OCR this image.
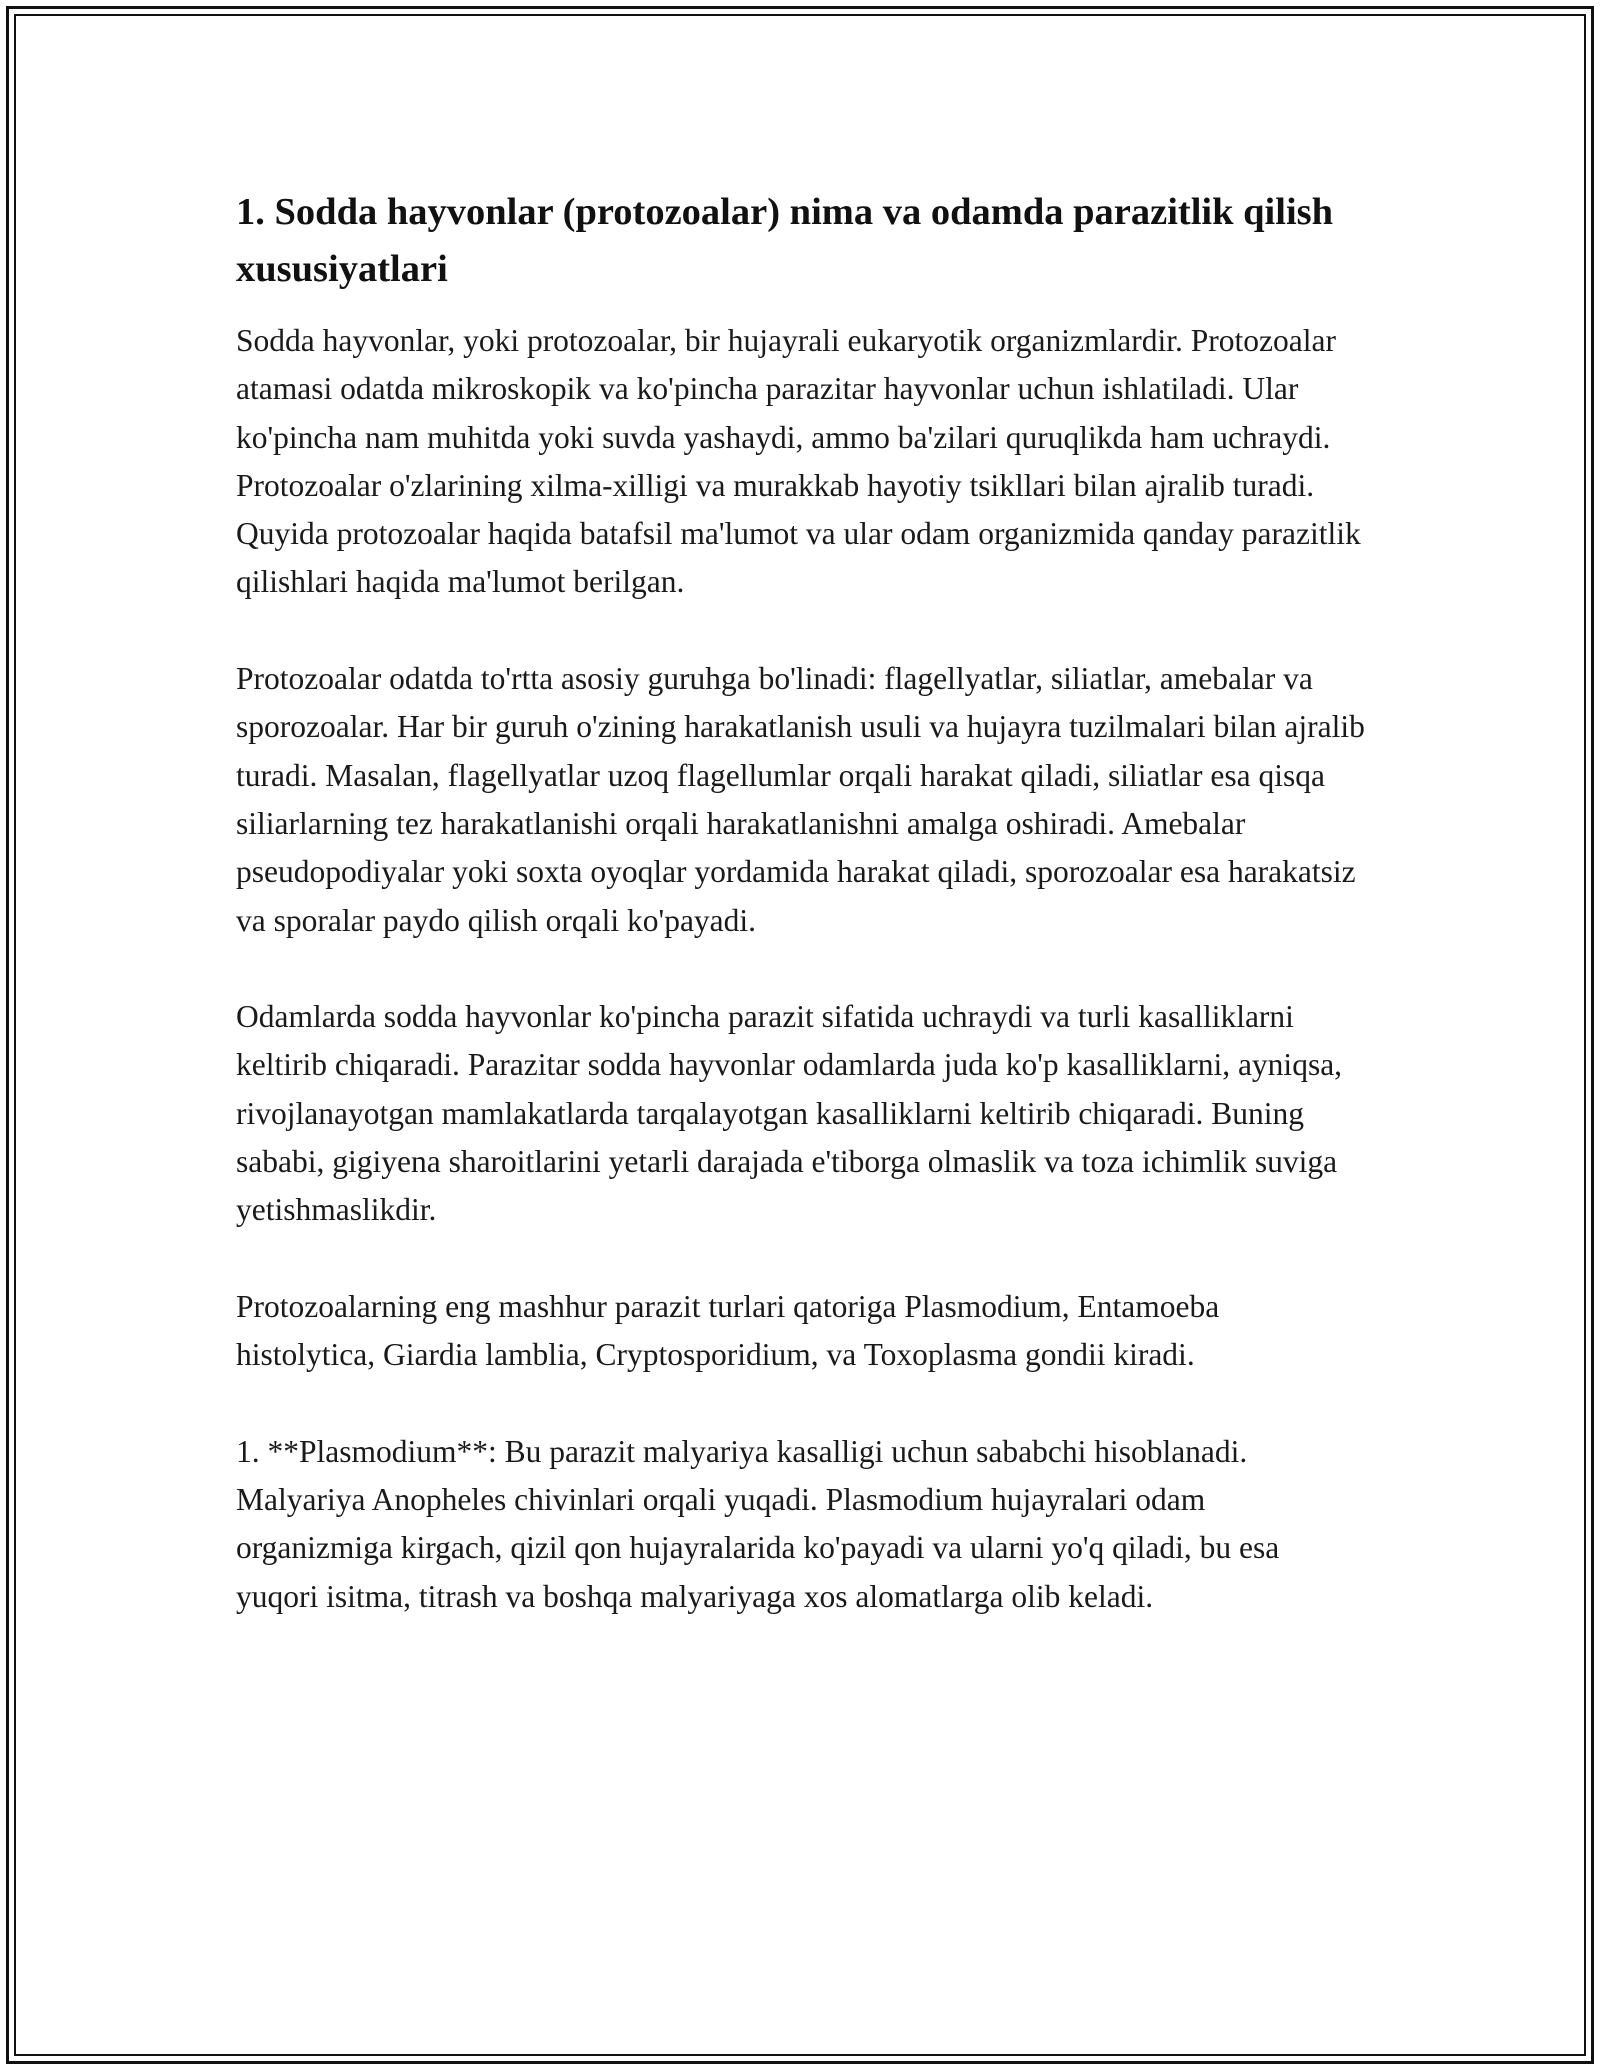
1. Sodda hayvonlar (protozoalar) nima va odamda parazitlik qilish xususiyatlari

Sodda hayvonlar, yoki protozoalar, bir hujayrali eukaryotik organizmlardir. Protozoalar atamasi odatda mikroskopik va ko'pincha parazitar hayvonlar uchun ishlatiladi. Ular ko'pincha nam muhitda yoki suvda yashaydi, ammo ba'zilari quruqlikda ham uchraydi. Protozoalar o'zlarining xilma-xilligi va murakkab hayotiy tsikllari bilan ajralib turadi. Quyida protozoalar haqida batafsil ma'lumot va ular odam organizmida qanday parazitlik qilishlari haqida ma'lumot berilgan.

Protozoalar odatda to'rtta asosiy guruhga bo'linadi: flagellyatlar, siliatlar, amebalar va sporozoalar. Har bir guruh o'zining harakatlanish usuli va hujayra tuzilmalari bilan ajralib turadi. Masalan, flagellyatlar uzoq flagellumlar orqali harakat qiladi, siliatlar esa qisqa siliarlarning tez harakatlanishi orqali harakatlanishni amalga oshiradi. Amebalar pseudopodiyalar yoki soxta oyoqlar yordamida harakat qiladi, sporozoalar esa harakatsiz va sporalar paydo qilish orqali ko'payadi.

Odamlarda sodda hayvonlar ko'pincha parazit sifatida uchraydi va turli kasalliklarni keltirib chiqaradi. Parazitar sodda hayvonlar odamlarda juda ko'p kasalliklarni, ayniqsa, rivojlanayotgan mamlakatlarda tarqalayotgan kasalliklarni keltirib chiqaradi. Buning sababi, gigiyena sharoitlarini yetarli darajada e'tiborga olmaslik va toza ichimlik suviga yetishmaslikdir.

Protozoalarning eng mashhur parazit turlari qatoriga Plasmodium, Entamoeba histolytica, Giardia lamblia, Cryptosporidium, va Toxoplasma gondii kiradi.

1. **Plasmodium**: Bu parazit malyariya kasalligi uchun sababchi hisoblanadi. Malyariya Anopheles chivinlari orqali yuqadi. Plasmodium hujayralari odam organizmiga kirgach, qizil qon hujayralarida ko'payadi va ularni yo'q qiladi, bu esa yuqori isitma, titrash va boshqa malyariyaga xos alomatlarga olib keladi.
